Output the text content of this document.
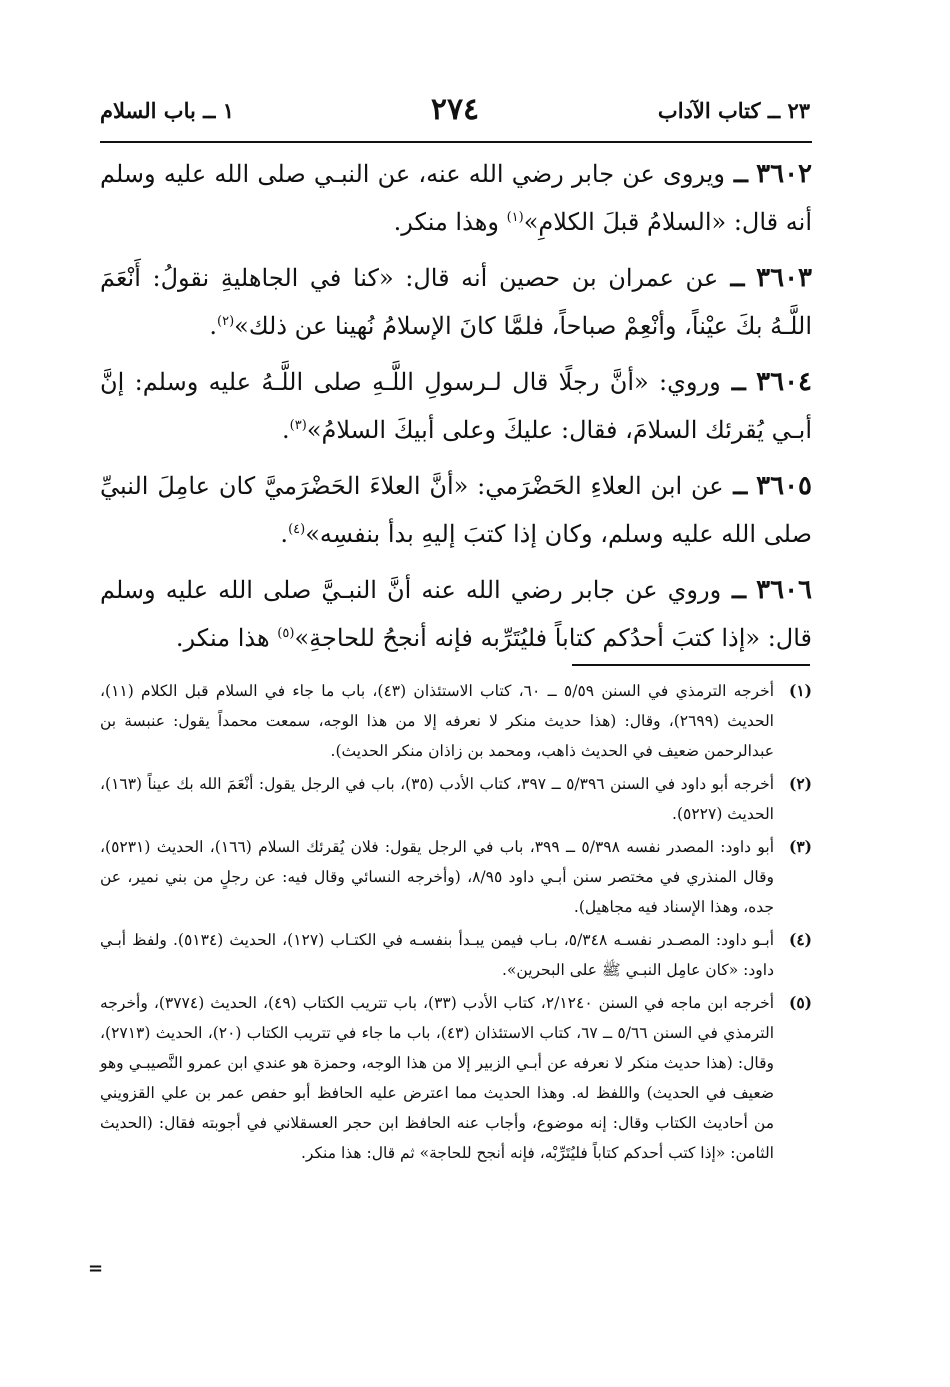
٢٣ ــ كتاب الآداب
٢٧٤
١ ــ باب السلام

٣٦٠٢ ــ ويروى عن جابر رضي الله عنه، عن النبـي صلى الله عليه وسلم أنه قال: «السلامُ قبلَ الكلامِ»$^{(١)}$ وهذا منكر.

٣٦٠٣ ــ عن عمران بن حصين أنه قال: «كنا في الجاهليةِ نقولُ: أَنْعَمَ اللَّـهُ بكَ عيْناً، وأنْعِمْ صباحاً، فلمَّا كانَ الإسلامُ نُهينا عن ذلك»$^{(٢)}$.

٣٦٠٤ ــ وروي: «أنَّ رجلًا قال لـرسولِ اللَّـهِ صلى اللَّـهُ عليه وسلم: إنَّ أبـي يُقرئك السلامَ، فقال: عليكَ وعلى أبيكَ السلامُ»$^{(٣)}$.

٣٦٠٥ ــ عن ابن العلاءِ الحَضْرَمي: «أنَّ العلاءَ الحَضْرَميَّ كان عامِلَ النبيِّ صلى الله عليه وسلم، وكان إذا كتبَ إليهِ بدأ بنفسِه»$^{(٤)}$.

٣٦٠٦ ــ وروي عن جابر رضي الله عنه أنَّ النبـيَّ صلى الله عليه وسلم قال: «إذا كتبَ أحدُكم كتاباً فليُتَرِّبه فإنه أنجحُ للحاجةِ»$^{(٥)}$ هذا منكر.

(١)
أخرجه الترمذي في السنن ٥/٥٩ ــ ٦٠، كتاب الاستئذان (٤٣)، باب ما جاء في السلام قبل الكلام (١١)، الحديث (٢٦٩٩)، وقال: (هذا حديث منكر لا نعرفه إلا من هذا الوجه، سمعت محمداً يقول: عنبسة بن عبدالرحمن ضعيف في الحديث ذاهب، ومحمد بن زاذان منكر الحديث).
(٢)
أخرجه أبو داود في السنن ٥/٣٩٦ ــ ٣٩٧، كتاب الأدب (٣٥)، باب في الرجل يقول: أنْعَمَ الله بك عيناً (١٦٣)، الحديث (٥٢٢٧).
(٣)
أبو داود: المصدر نفسه ٥/٣٩٨ ــ ٣٩٩، باب في الرجل يقول: فلان يُقرئك السلام (١٦٦)، الحديث (٥٢٣١)، وقال المنذري في مختصر سنن أبـي داود ٨/٩٥، (وأخرجه النسائي وقال فيه: عن رجلٍ من بني نمير، عن جده، وهذا الإسناد فيه مجاهيل).
(٤)
أبـو داود: المصـدر نفسـه ٥/٣٤٨، بـاب فيمن يبـدأ بنفسـه في الكتـاب (١٢٧)، الحديث (٥١٣٤). ولفظ أبـي داود: «كان عامِل النبـي ﷺ على البحرين».
(٥)
أخرجه ابن ماجه في السنن ٢/١٢٤٠، كتاب الأدب (٣٣)، باب تتريب الكتاب (٤٩)، الحديث (٣٧٧٤)، وأخرجه الترمذي في السنن ٥/٦٦ ــ ٦٧، كتاب الاستئذان (٤٣)، باب ما جاء في تتريب الكتاب (٢٠)، الحديث (٢٧١٣)، وقال: (هذا حديث منكر لا نعرفه عن أبـي الزبير إلا من هذا الوجه، وحمزة هو عندي ابن عمرو النَّصيبـي وهو ضعيف في الحديث) واللفظ له. وهذا الحديث مما اعترض عليه الحافظ أبو حفص عمر بن علي القزويني من أحاديث الكتاب وقال: إنه موضوع، وأجاب عنه الحافظ ابن حجر العسقلاني في أجوبته فقال: (الحديث الثامن: «إذا كتب أحدكم كتاباً فليُتَرِّبْه، فإنه أنجح للحاجة» ثم قال: هذا منكر.
=
